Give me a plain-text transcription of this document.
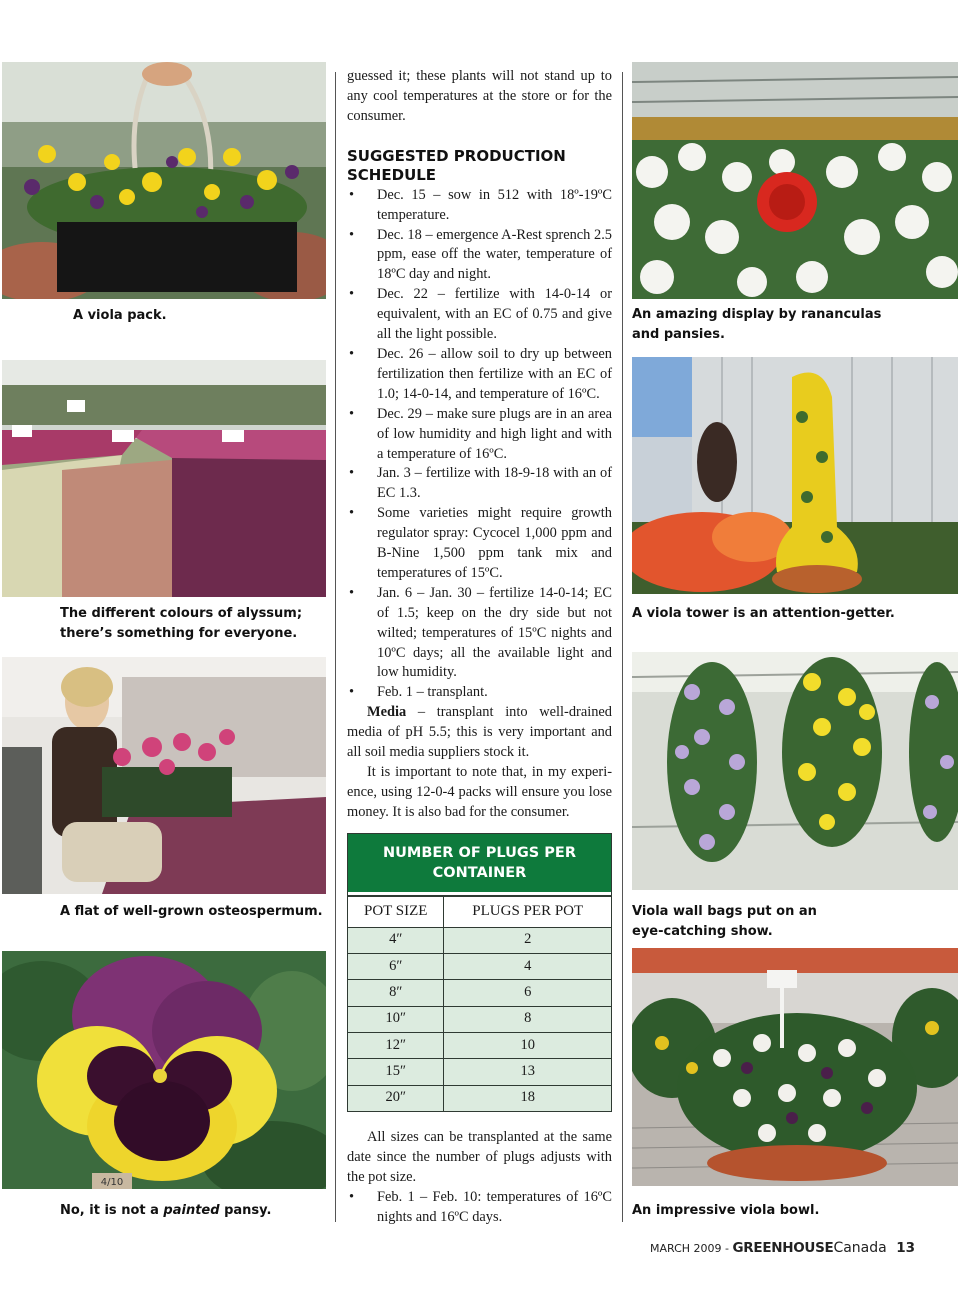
4/10
A viola pack.
The different colours of alyssum;
there’s something for everyone.
A flat of well-grown osteospermum.
No, it is not a painted pansy.

guessed it; these plants will not stand up to any cool temperatures at the store or for the consumer.

SUGGESTED PRODUCTION SCHEDULE
• Dec. 15 – sow in 512 with 18º-19ºC temperature.
• Dec. 18 – emergence A-Rest sprench 2.5 ppm, ease off the water, temperature of 18ºC day and night.
• Dec. 22 – fertilize with 14-0-14 or equivalent, with an EC of 0.75 and give all the light possible.
• Dec. 26 – allow soil to dry up between fertilization then fertilize with an EC of 1.0; 14-0-14, and temperature of 16ºC.
• Dec. 29 – make sure plugs are in an area of low humidity and high light and with a temperature of 16ºC.
• Jan. 3 – fertilize with 18-9-18 with an of EC 1.3.
• Some varieties might require growth regulator spray: Cycocel 1,000 ppm and B-Nine 1,500 ppm tank mix and temperatures of 15ºC.
• Jan. 6 – Jan. 30 – fertilize 14-0-14; EC of 1.5; keep on the dry side but not wilted; temperatures of 15ºC nights and 10ºC days; all the available light and low humidity.
• Feb. 1 – transplant.

Media – transplant into well-drained media of pH 5.5; this is very important and all soil media suppliers stock it.

It is important to note that, in my experience, using 12-0-4 packs will ensure you lose money. It is also bad for the consumer.

NUMBER OF PLUGS PER CONTAINER
POT SIZE	PLUGS PER POT
4″	2
6″	4
8″	6
10″	8
12″	10
15″	13
20″	18

All sizes can be transplanted at the same date since the number of plugs adjusts with the pot size.

• Feb. 1 – Feb. 10: temperatures of 16ºC nights and 16ºC days.
An amazing display by rananculas
and pansies.
A viola tower is an attention-getter.
Viola wall bags put on an
eye-catching show.
An impressive viola bowl.
MARCH 2009 - GREENHOUSECanada 13
